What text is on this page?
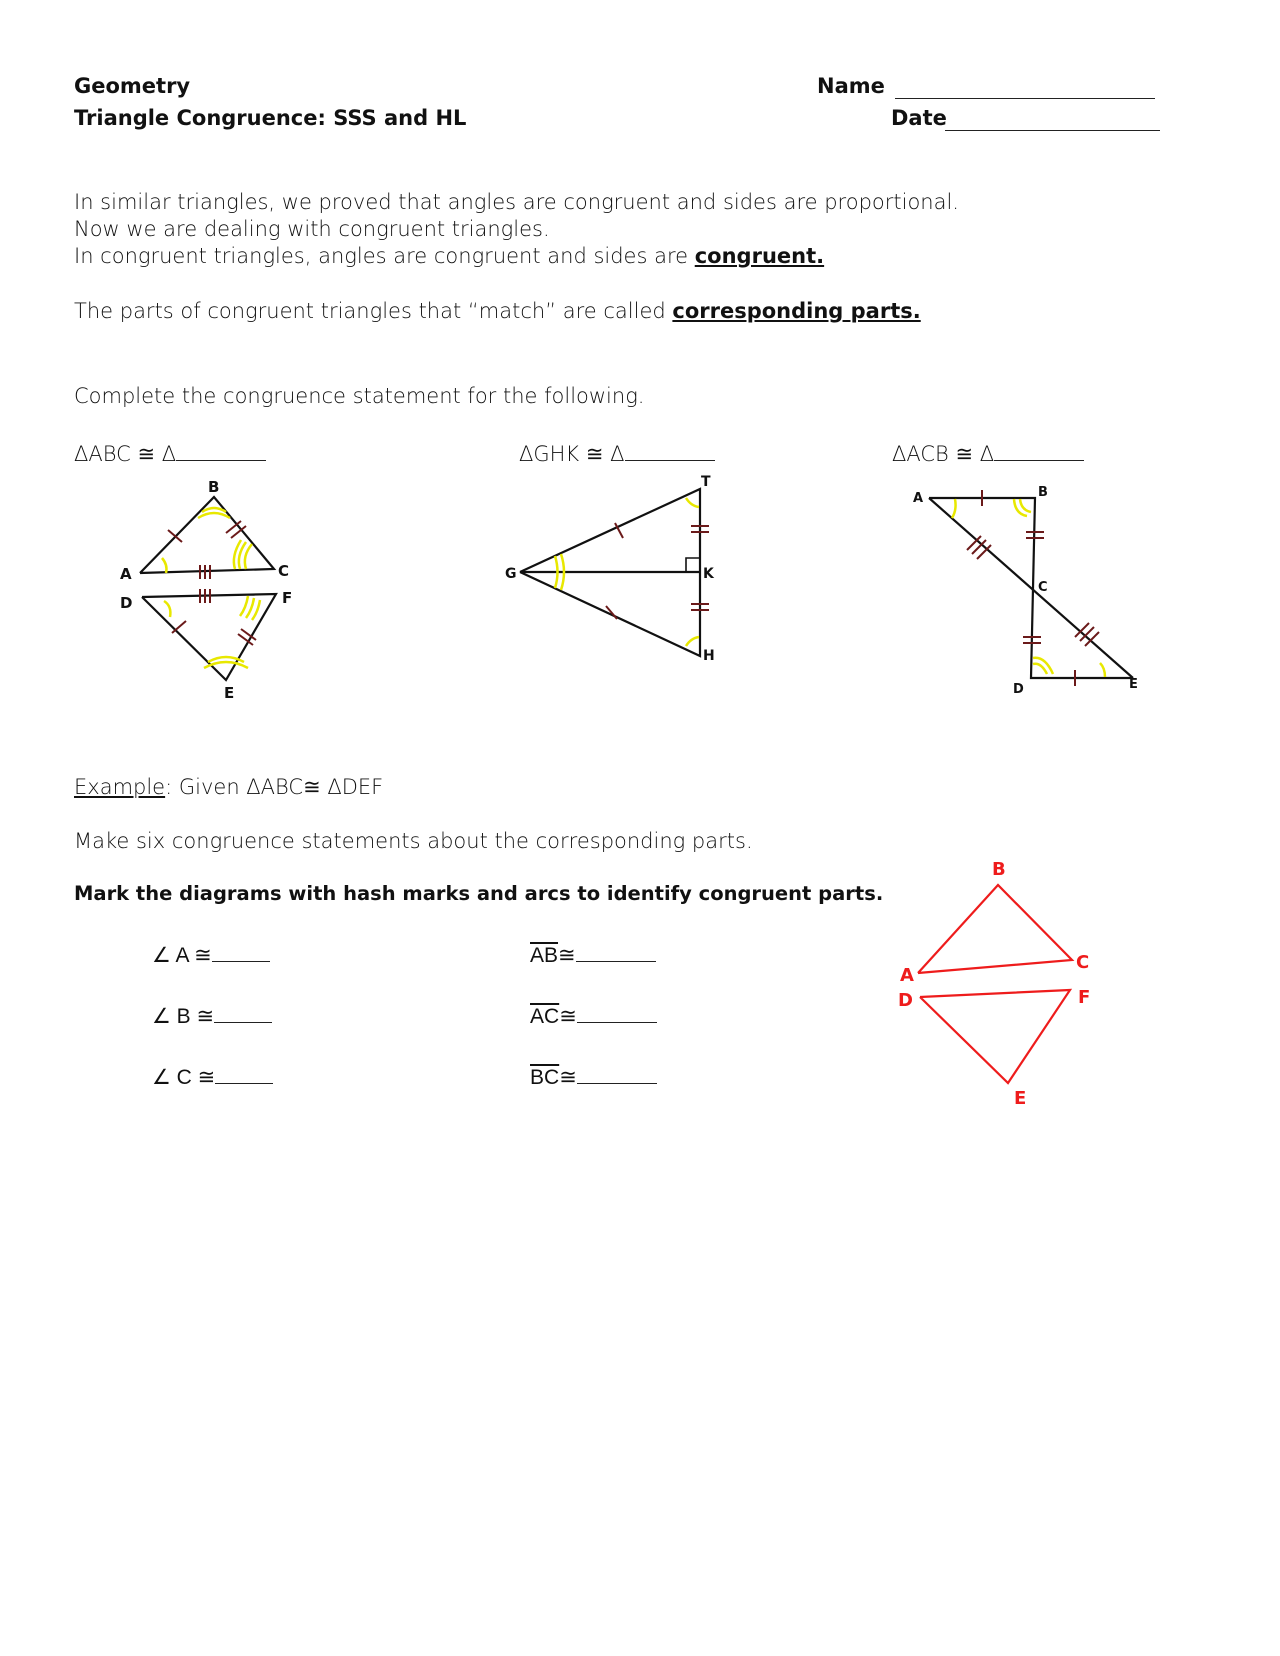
Geometry
Triangle Congruence: SSS and HL
Name
Date
In similar triangles, we proved that angles are congruent and sides are proportional.
Now we are dealing with congruent triangles.
In congruent triangles, angles are congruent and sides are congruent.
The parts of congruent triangles that “match” are called corresponding parts.
Complete the congruence statement for the following.
ΔABC ≅ Δ	ΔGHK ≅ Δ	ΔACB ≅ Δ
B
A	C
D	F
E
T
G	K
H
A	B
C
D	E
Example: Given ΔABC≅ ΔDEF
Make six congruence statements about the corresponding parts.
Mark the diagrams with hash marks and arcs to identify congruent parts.
∠ A ≅
∠ B ≅
∠ C ≅
$\overline{AB}≅$
$\overline{AC}≅$
$\overline{BC}≅$
B
A
C
D	F
E
